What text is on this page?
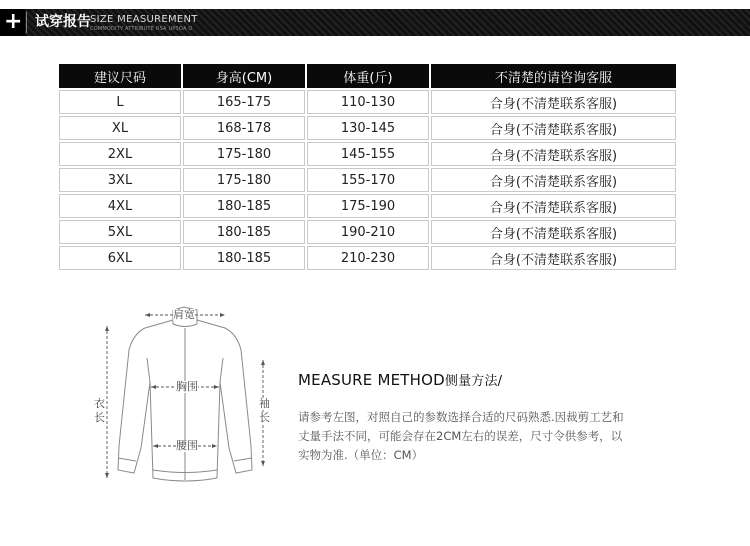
+ 试穿报告 SIZE MEASUREMENT
COMMODITY ATTRIBUTE RSA UPSOA O
建议尺码	身高(CM)	体重(斤)	不清楚的请咨询客服
L	165-175	110-130	合身(不清楚联系客服)
XL	168-178	130-145	合身(不清楚联系客服)
2XL	175-180	145-155	合身(不清楚联系客服)
3XL	175-180	155-170	合身(不清楚联系客服)
4XL	180-185	175-190	合身(不清楚联系客服)
5XL	180-185	190-210	合身(不清楚联系客服)
6XL	180-185	210-230	合身(不清楚联系客服)
肩宽
胸围
腰围
衣
长
袖
长
MEASURE METHOD侧量方法/
请参考左图，对照自己的参数选择合适的尺码熟悉.因裁剪工艺和
丈量手法不同，可能会存在2CM左右的误差，尺寸令供参考，以
实物为准.（单位：CM）
